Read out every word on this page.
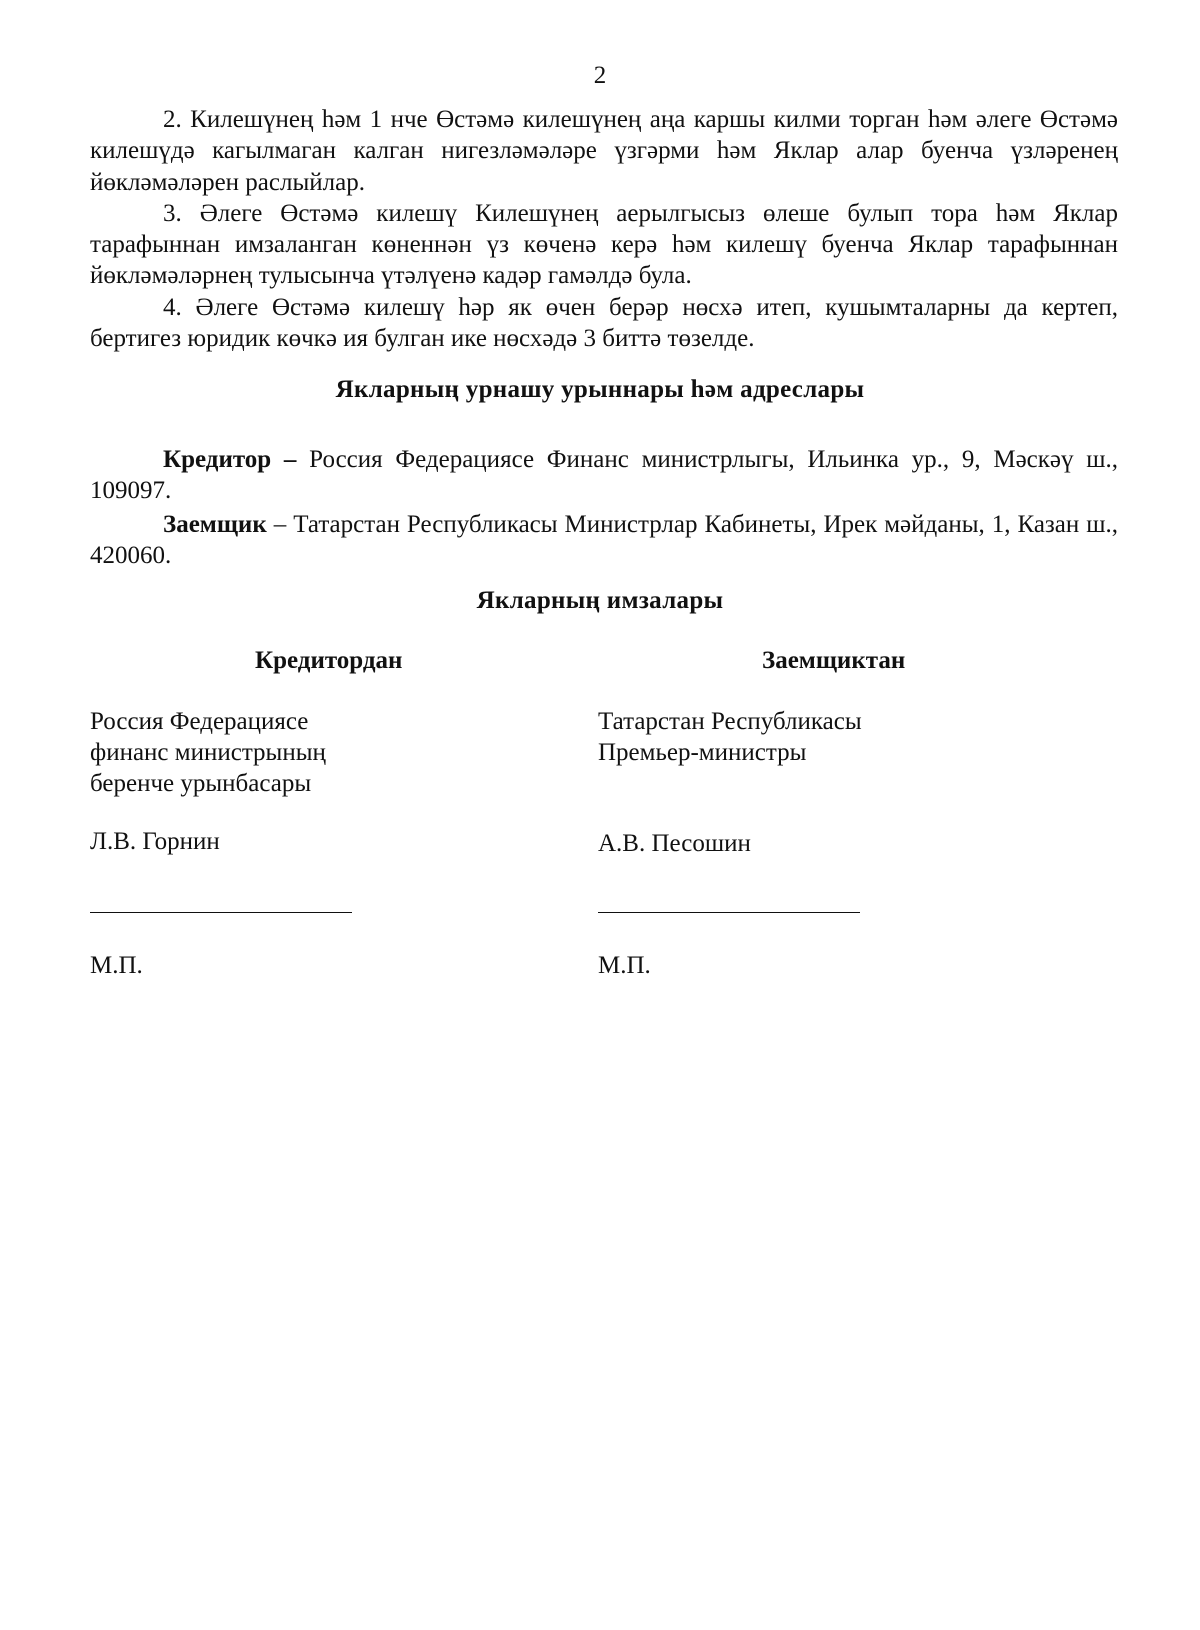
2

2. Килешүнең һәм 1 нче Өстәмә килешүнең аңа каршы килми торган һәм әлеге Өстәмә килешүдә кагылмаган калган нигезләмәләре үзгәрми һәм Яклар алар буенча үзләренең йөкләмәләрен раслыйлар.

3. Әлеге Өстәмә килешү Килешүнең аерылгысыз өлеше булып тора һәм Яклар тарафыннан имзаланган көненнән үз көченә керә һәм килешү буенча Яклар тарафыннан йөкләмәләрнең тулысынча үтәлүенә кадәр гамәлдә була.

4. Әлеге Өстәмә килешү һәр як өчен берәр нөсхә итеп, кушымталарны да кертеп, бертигез юридик көчкә ия булган ике нөсхәдә 3 биттә төзелде.

Якларның урнашу урыннары һәм адреслары

Кредитор – Россия Федерациясе Финанс министрлыгы, Ильинка ур., 9, Мәскәү ш., 109097.

Заемщик – Татарстан Республикасы Министрлар Кабинеты, Ирек мәйданы, 1, Казан ш., 420060.

Якларның имзалары
Кредитордан
Россия Федерациясе
финанс министрының
беренче урынбасары
Л.В. Горнин
М.П.
Заемщиктан
Татарстан Республикасы
Премьер-министры
А.В. Песошин
М.П.
